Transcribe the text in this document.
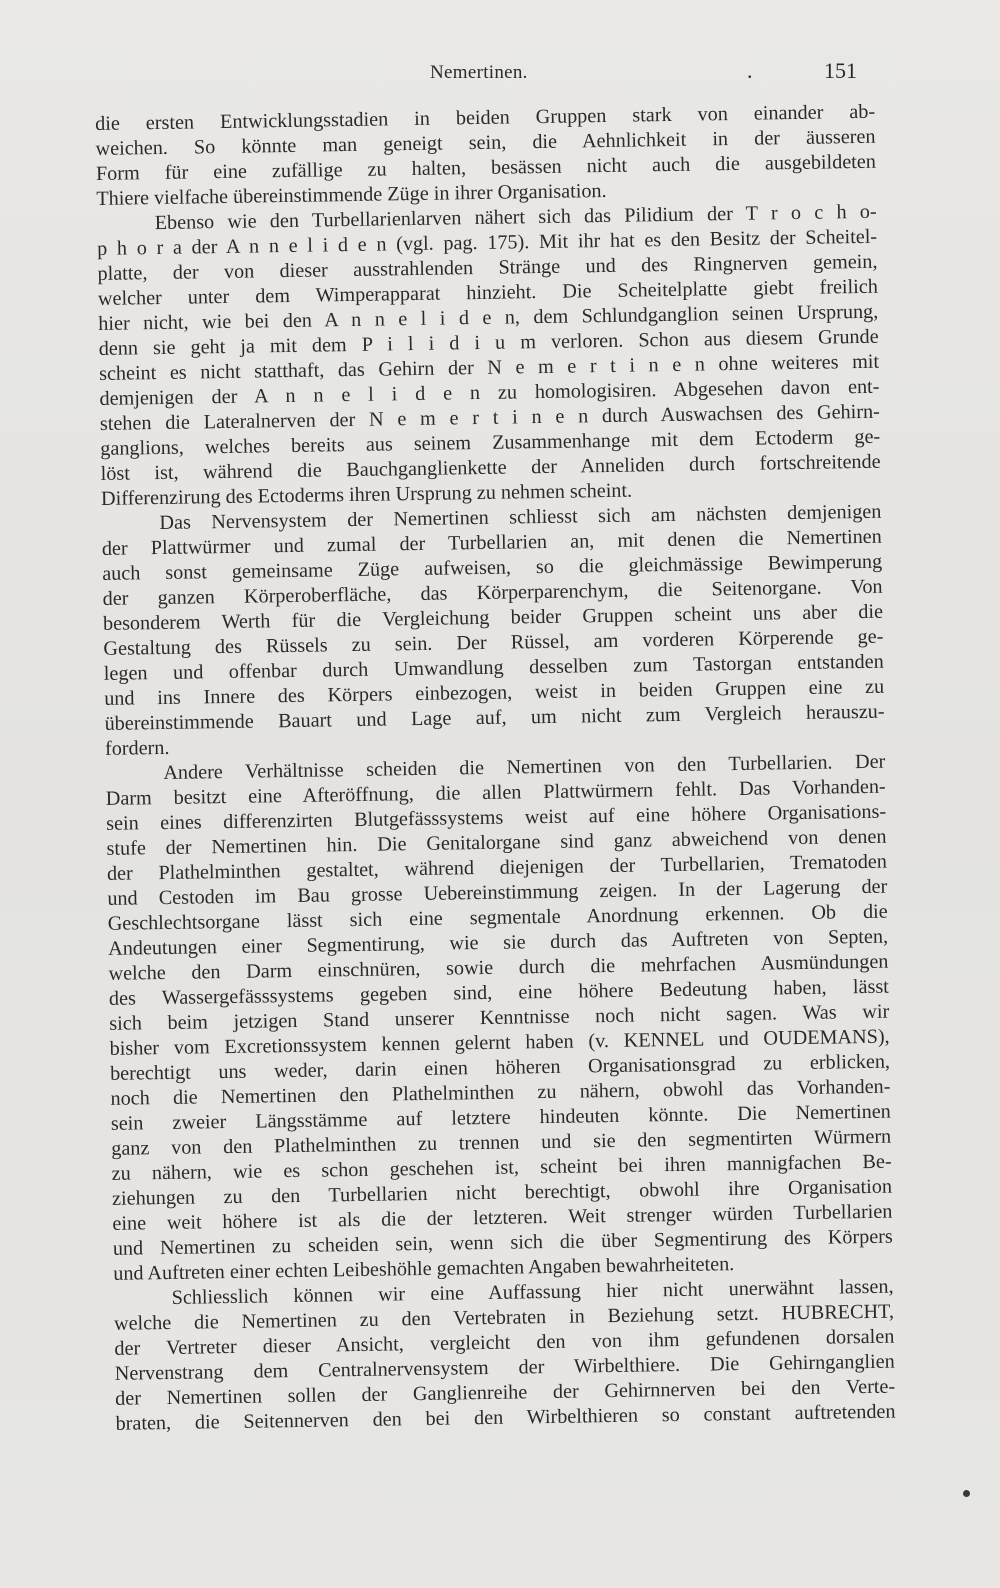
Nemertinen.	.	151
die ersten Entwicklungsstadien in beiden Gruppen stark von einander ab-
weichen. So könnte man geneigt sein, die Aehnlichkeit in der äusseren
Form für eine zufällige zu halten, besässen nicht auch die ausgebildeten
Thiere vielfache übereinstimmende Züge in ihrer Organisation.
Ebenso wie den Turbellarienlarven nähert sich das Pilidium der T r o c h o-
p h o r a der A n n e l i d e n (vgl. pag. 175). Mit ihr hat es den Besitz der Scheitel-
platte, der von dieser ausstrahlenden Stränge und des Ringnerven gemein,
welcher unter dem Wimperapparat hinzieht. Die Scheitelplatte giebt freilich
hier nicht, wie bei den A n n e l i d e n, dem Schlundganglion seinen Ursprung,
denn sie geht ja mit dem P i l i d i u m verloren. Schon aus diesem Grunde
scheint es nicht statthaft, das Gehirn der N e m e r t i n e n ohne weiteres mit
demjenigen der A n n e l i d e n zu homologisiren. Abgesehen davon ent-
stehen die Lateralnerven der N e m e r t i n e n durch Auswachsen des Gehirn-
ganglions, welches bereits aus seinem Zusammenhange mit dem Ectoderm ge-
löst ist, während die Bauchganglienkette der Anneliden durch fortschreitende
Differenzirung des Ectoderms ihren Ursprung zu nehmen scheint.
Das Nervensystem der Nemertinen schliesst sich am nächsten demjenigen
der Plattwürmer und zumal der Turbellarien an, mit denen die Nemertinen
auch sonst gemeinsame Züge aufweisen, so die gleichmässige Bewimperung
der ganzen Körperoberfläche, das Körperparenchym, die Seitenorgane. Von
besonderem Werth für die Vergleichung beider Gruppen scheint uns aber die
Gestaltung des Rüssels zu sein. Der Rüssel, am vorderen Körperende ge-
legen und offenbar durch Umwandlung desselben zum Tastorgan entstanden
und ins Innere des Körpers einbezogen, weist in beiden Gruppen eine zu
übereinstimmende Bauart und Lage auf, um nicht zum Vergleich herauszu-
fordern.
Andere Verhältnisse scheiden die Nemertinen von den Turbellarien. Der
Darm besitzt eine Afteröffnung, die allen Plattwürmern fehlt. Das Vorhanden-
sein eines differenzirten Blutgefässsystems weist auf eine höhere Organisations-
stufe der Nemertinen hin. Die Genitalorgane sind ganz abweichend von denen
der Plathelminthen gestaltet, während diejenigen der Turbellarien, Trematoden
und Cestoden im Bau grosse Uebereinstimmung zeigen. In der Lagerung der
Geschlechtsorgane lässt sich eine segmentale Anordnung erkennen. Ob die
Andeutungen einer Segmentirung, wie sie durch das Auftreten von Septen,
welche den Darm einschnüren, sowie durch die mehrfachen Ausmündungen
des Wassergefässsystems gegeben sind, eine höhere Bedeutung haben, lässt
sich beim jetzigen Stand unserer Kenntnisse noch nicht sagen. Was wir
bisher vom Excretionssystem kennen gelernt haben (v. KENNEL und OUDEMANS),
berechtigt uns weder, darin einen höheren Organisationsgrad zu erblicken,
noch die Nemertinen den Plathelminthen zu nähern, obwohl das Vorhanden-
sein zweier Längsstämme auf letztere hindeuten könnte. Die Nemertinen
ganz von den Plathelminthen zu trennen und sie den segmentirten Würmern
zu nähern, wie es schon geschehen ist, scheint bei ihren mannigfachen Be-
ziehungen zu den Turbellarien nicht berechtigt, obwohl ihre Organisation
eine weit höhere ist als die der letzteren. Weit strenger würden Turbellarien
und Nemertinen zu scheiden sein, wenn sich die über Segmentirung des Körpers
und Auftreten einer echten Leibeshöhle gemachten Angaben bewahrheiteten.
Schliesslich können wir eine Auffassung hier nicht unerwähnt lassen,
welche die Nemertinen zu den Vertebraten in Beziehung setzt. HUBRECHT,
der Vertreter dieser Ansicht, vergleicht den von ihm gefundenen dorsalen
Nervenstrang dem Centralnervensystem der Wirbelthiere. Die Gehirnganglien
der Nemertinen sollen der Ganglienreihe der Gehirnnerven bei den Verte-
braten, die Seitennerven den bei den Wirbelthieren so constant auftretenden
